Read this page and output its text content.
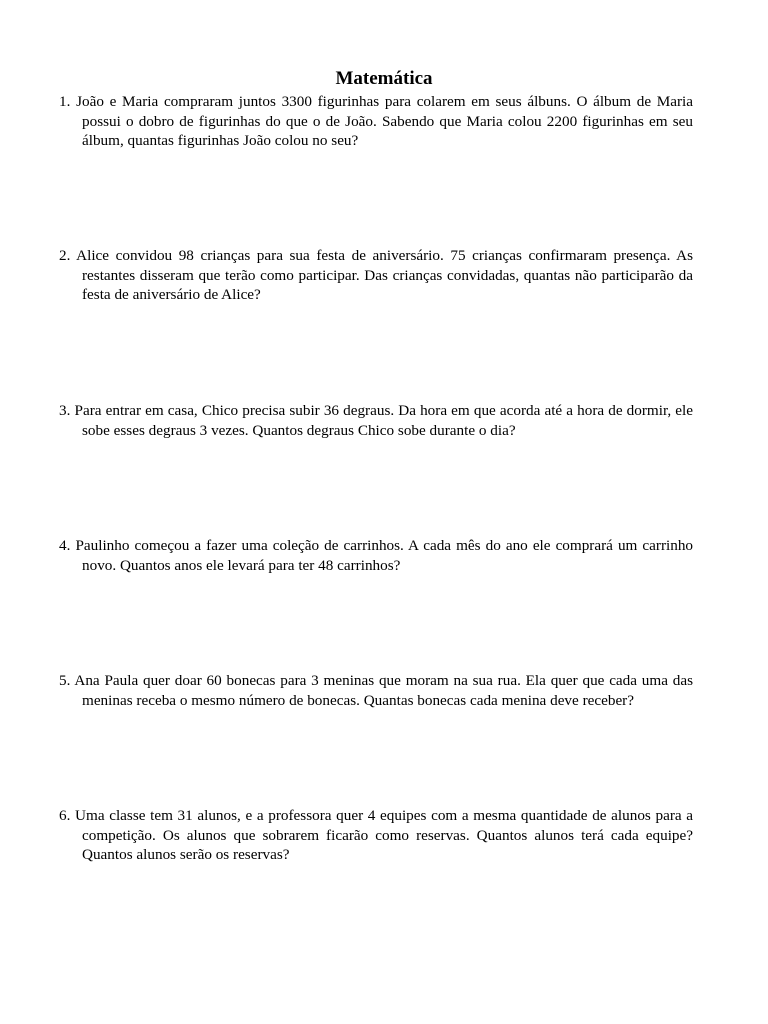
Matemática

1. João e Maria compraram juntos 3300 figurinhas para colarem em seus álbuns. O álbum de Maria possui o dobro de figurinhas do que o de João. Sabendo que Maria colou 2200 figurinhas em seu álbum, quantas figurinhas João colou no seu?

2. Alice convidou 98 crianças para sua festa de aniversário. 75 crianças confirmaram presença. As restantes disseram que terão como participar. Das crianças convidadas, quantas não participarão da festa de aniversário de Alice?

3. Para entrar em casa, Chico precisa subir 36 degraus. Da hora em que acorda até a hora de dormir, ele sobe esses degraus 3 vezes. Quantos degraus Chico sobe durante o dia?

4. Paulinho começou a fazer uma coleção de carrinhos. A cada mês do ano ele comprará um carrinho novo. Quantos anos ele levará para ter 48 carrinhos?

5. Ana Paula quer doar 60 bonecas para 3 meninas que moram na sua rua. Ela quer que cada uma das meninas receba o mesmo número de bonecas. Quantas bonecas cada menina deve receber?

6. Uma classe tem 31 alunos, e a professora quer 4 equipes com a mesma quantidade de alunos para a competição. Os alunos que sobrarem ficarão como reservas. Quantos alunos terá cada equipe? Quantos alunos serão os reservas?
